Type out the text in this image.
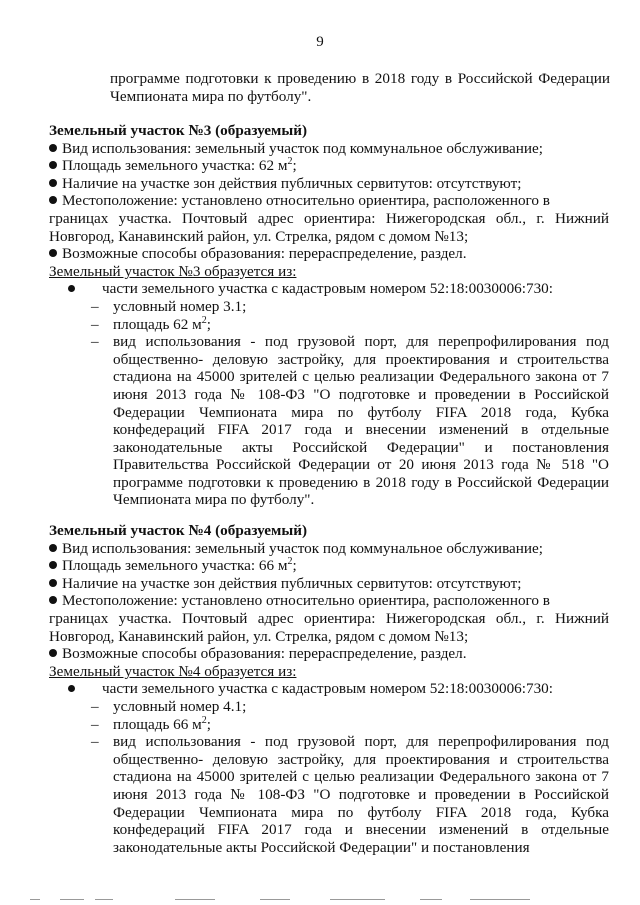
9
программе подготовки к проведению в 2018 году в Российской Федерации Чемпионата мира по футболу".

Земельный участок №3 (образуемый)

Вид использования: земельный участок под коммунальное обслуживание;

Площадь земельного участка: 62 $м^2$;

Наличие на участке зон действия публичных сервитутов: отсутствуют;

Местоположение: установлено относительно ориентира, расположенного в

границах участка. Почтовый адрес ориентира: Нижегородская обл., г. Нижний Новгород, Канавинский район, ул. Стрелка, рядом с домом №13;

Возможные способы образования: перераспределение, раздел.

Земельный участок №3 образуется из:

части земельного участка с кадастровым номером 52:18:0030006:730:

– условный номер 3.1;

– площадь 62 $м^2$;

– вид использования - под грузовой порт, для перепрофилирования под общественно- деловую застройку, для проектирования и строительства стадиона на 45000 зрителей с целью реализации Федерального закона от 7 июня 2013 года № 108-ФЗ "О подготовке и проведении в Российской Федерации Чемпионата мира по футболу FIFA 2018 года, Кубка конфедераций FIFA 2017 года и внесении изменений в отдельные законодательные акты Российской Федерации" и постановления Правительства Российской Федерации от 20 июня 2013 года № 518 "О программе подготовки к проведению в 2018 году в Российской Федерации Чемпионата мира по футболу".

Земельный участок №4 (образуемый)

Вид использования: земельный участок под коммунальное обслуживание;

Площадь земельного участка: 66 $м^2$;

Наличие на участке зон действия публичных сервитутов: отсутствуют;

Местоположение: установлено относительно ориентира, расположенного в

границах участка. Почтовый адрес ориентира: Нижегородская обл., г. Нижний Новгород, Канавинский район, ул. Стрелка, рядом с домом №13;

Возможные способы образования: перераспределение, раздел.

Земельный участок №4 образуется из:

части земельного участка с кадастровым номером 52:18:0030006:730:

– условный номер 4.1;

– площадь 66 $м^2$;

– вид использования - под грузовой порт, для перепрофилирования под общественно- деловую застройку, для проектирования и строительства стадиона на 45000 зрителей с целью реализации Федерального закона от 7 июня 2013 года № 108-ФЗ "О подготовке и проведении в Российской Федерации Чемпионата мира по футболу FIFA 2018 года, Кубка конфедераций FIFA 2017 года и внесении изменений в отдельные законодательные акты Российской Федерации" и постановления
